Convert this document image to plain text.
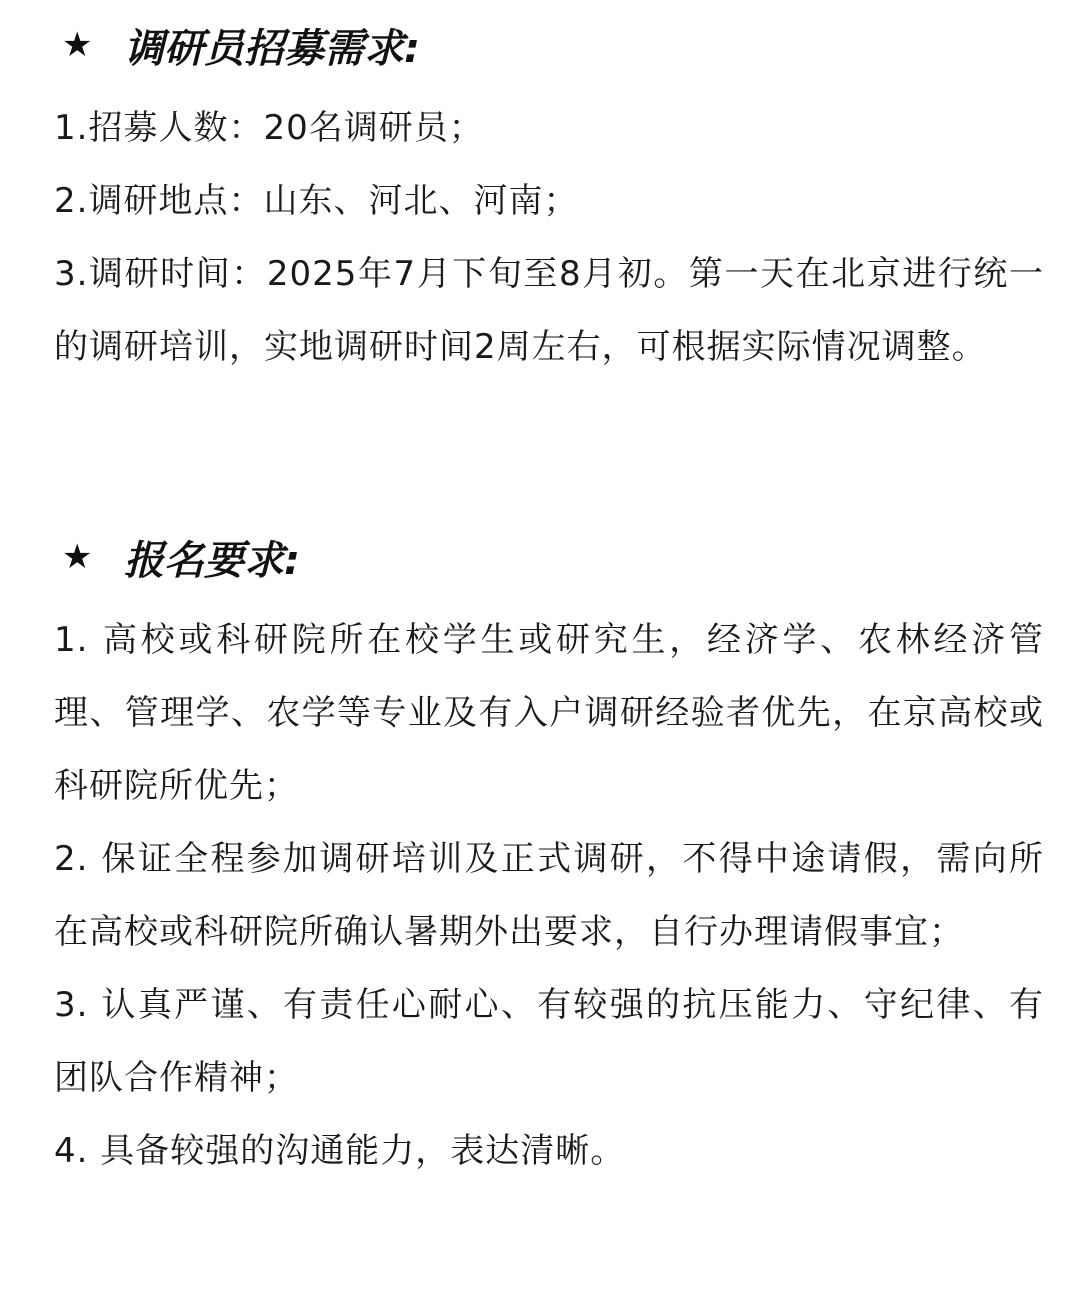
★ 调研员招募需求:

1.招募人数：20名调研员；

2.调研地点：山东、河北、河南；

3.调研时间：2025年7月下旬至8月初。第一天在北京进行统一的调研培训，实地调研时间2周左右，可根据实际情况调整。

★ 报名要求:

1. 高校或科研院所在校学生或研究生，经济学、农林经济管理、管理学、农学等专业及有入户调研经验者优先，在京高校或科研院所优先；

2. 保证全程参加调研培训及正式调研，不得中途请假，需向所在高校或科研院所确认暑期外出要求，自行办理请假事宜；

3. 认真严谨、有责任心耐心、有较强的抗压能力、守纪律、有团队合作精神；

4. 具备较强的沟通能力，表达清晰。
